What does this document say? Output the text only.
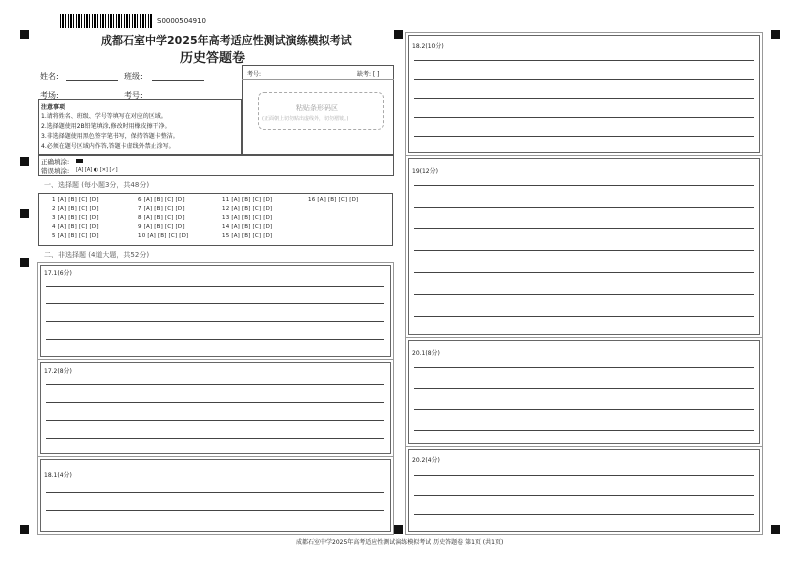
S0000504910
成都石室中学2025年高考适应性测试演练模拟考试
历史答题卷
姓名:	班级:
考场:	考号:
考号:	缺考: [ ]
粘贴条形码区
(正面朝上切勿贴出虚线外，切勿褶皱。)
注意事项
1.请将姓名、班级、学号等填写在对应的区域。
2.选择题使用2B铅笔填涂,修改时用橡皮擦干净。
3.非选择题使用黑色签字笔书写，保持答题卡整洁。
4.必须在题号区域内作答,答题卡虚线外禁止涂写。
正确填涂:
错误填涂: [A] [A] ◐ [✕] [✓]
一、选择题 (每小题3分，共48分)
1 [A] [B] [C] [D]	6 [A] [B] [C] [D]	11 [A] [B] [C] [D]	16 [A] [B] [C] [D]
2 [A] [B] [C] [D]	7 [A] [B] [C] [D]	12 [A] [B] [C] [D]
3 [A] [B] [C] [D]	8 [A] [B] [C] [D]	13 [A] [B] [C] [D]
4 [A] [B] [C] [D]	9 [A] [B] [C] [D]	14 [A] [B] [C] [D]
5 [A] [B] [C] [D]	10 [A] [B] [C] [D]	15 [A] [B] [C] [D]
二、非选择题 (4道大题，共52分)
17.1(6分)
17.2(8分)
18.1(4分)
18.2(10分)
19(12分)
20.1(8分)
20.2(4分)
成都石室中学2025年高考适应性测试演练模拟考试 历史答题卷 第1页 (共1页)
